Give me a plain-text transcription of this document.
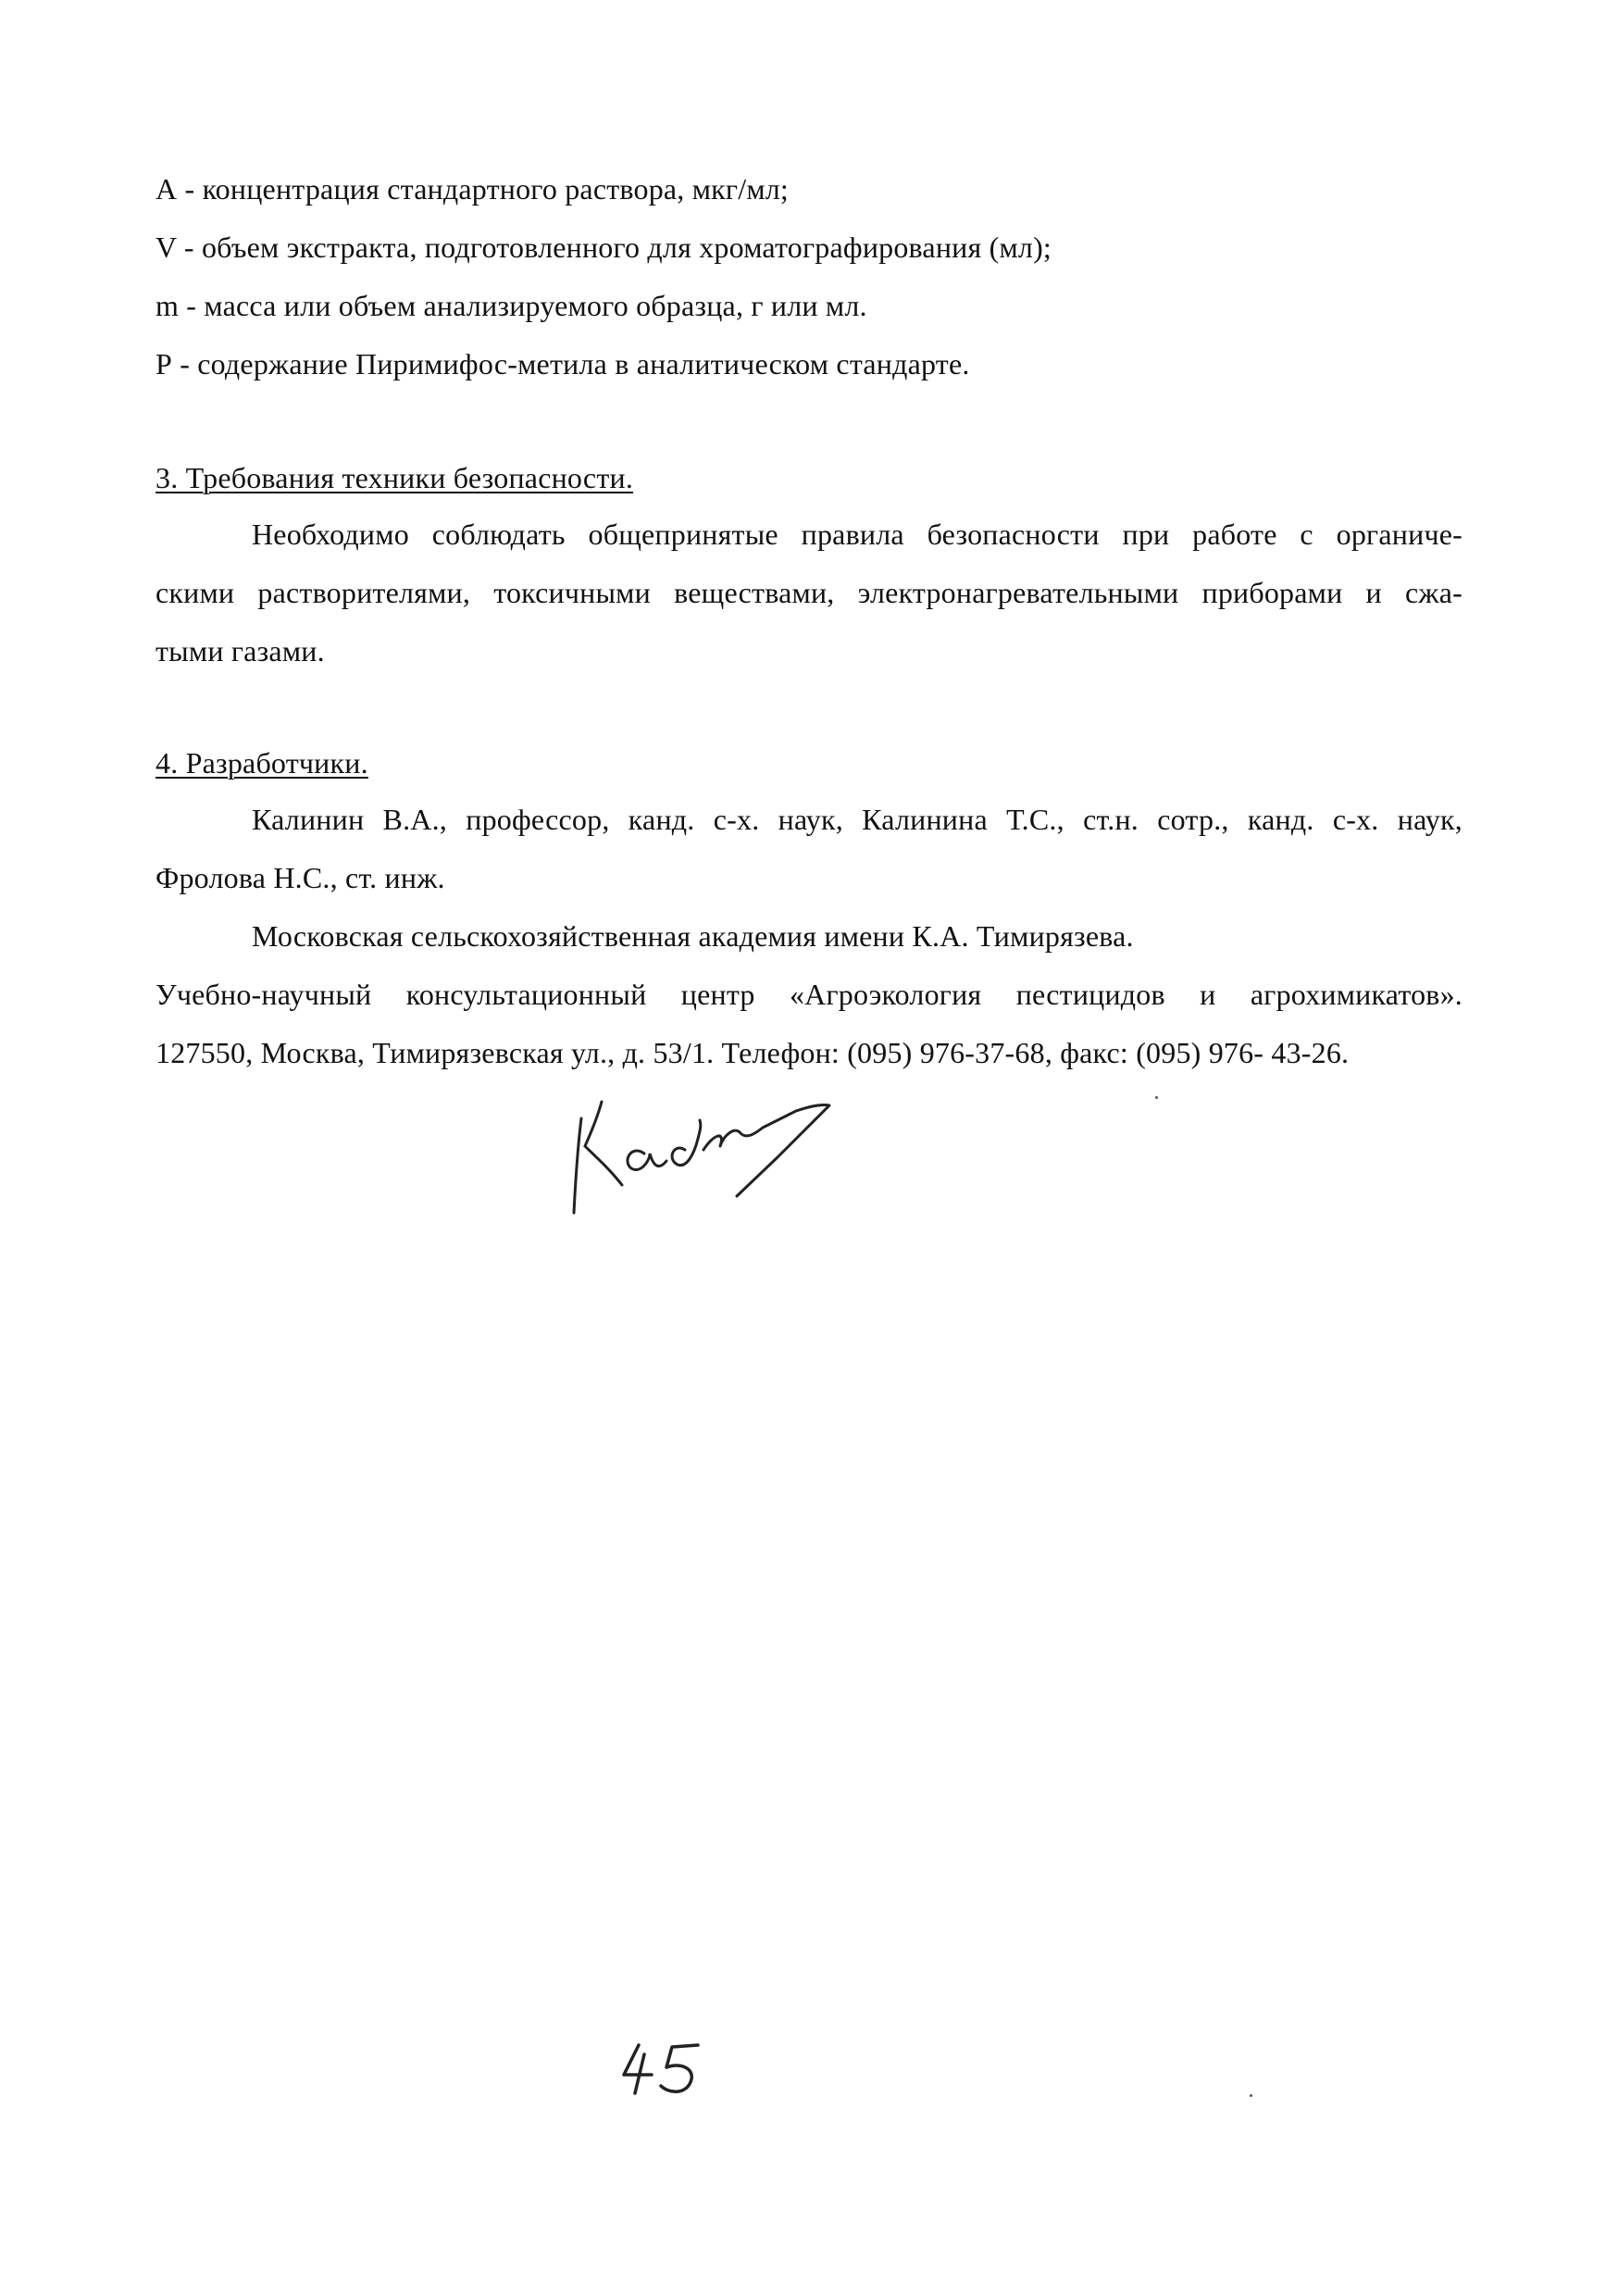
А - концентрация стандартного раствора, мкг/мл;
V - объем экстракта, подготовленного для хроматографирования (мл);
m - масса или объем анализируемого образца, г или мл.
Р - содержание Пиримифос-метила в аналитическом стандарте.
3. Требования техники безопасности.
Необходимо соблюдать общепринятые правила безопасности при работе с органиче-
скими растворителями, токсичными веществами, электронагревательными приборами и сжа-
тыми газами.
4. Разработчики.
Калинин В.А., профессор, канд. с-х. наук, Калинина Т.С., ст.н. сотр., канд. с-х. наук,
Фролова Н.С., ст. инж.
Московская сельскохозяйственная академия имени К.А. Тимирязева.
Учебно-научный консультационный центр «Агроэкология пестицидов и агрохимикатов».
127550, Москва, Тимирязевская ул., д. 53/1. Телефон: (095) 976-37-68, факс: (095) 976- 43-26.
